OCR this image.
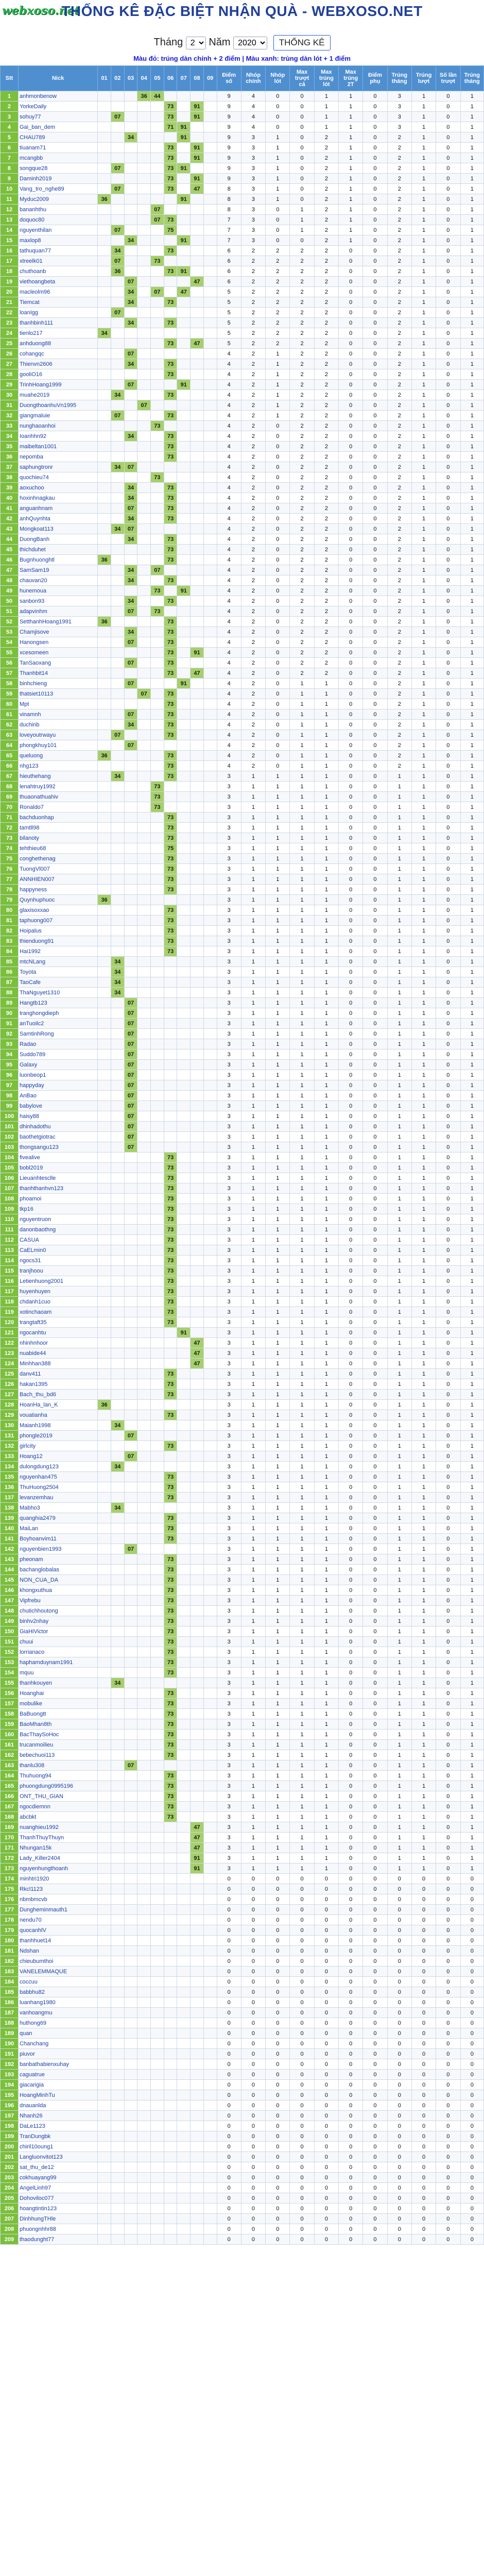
webxoso.net
THỐNG KÊ ĐẶC BIỆT NHẬN QUÀ - WEBXOSO.NET
Tháng
2	Năm
2020	THỐNG KÊ
Màu đỏ: trúng dàn chính + 2 điểm | Màu xanh: trùng dàn lót + 1 điểm
Stt	Nick	01	02	03	04	05	06	07	08	09	Điểm số	Nhóp chính	Nhóp lót	Max trượt cả	Max trúng lót	Max trúng 2T	Điểm phụ	Trúng tháng	Trúng lượt	Số lần trượt	Trúng tháng
1	anhmonbenow				36	44					9	4	0	0	1	1	0	3	1	0	1
2	YorkeDaily						73		91		9	4	0	0	1	1	0	3	1	0	1
3	sohuy77		07				73		91		9	4	0	0	1	1	0	3	1	0	1
4	Gai_ban_dem						71	91			9	4	0	0	1	1	0	3	1	0	1
5	CHAU789			34				91			9	3	1	0	2	1	0	2	1	0	1
6	tiuanam71						73		91		9	3	1	0	2	1	0	2	1	0	1
7	mcangbb						73		91		9	3	1	0	2	1	0	2	1	0	1
8	songque28		07				73	91			9	3	1	0	2	1	0	2	1	0	1
9	Daminh2019						73		91		9	3	1	0	2	1	0	2	1	0	1
10	Vang_tro_nghe89		07				73		47		8	3	1	0	2	1	0	2	1	0	1
11	Myduc2009	36						91			8	3	1	0	2	1	0	2	1	0	1
12	bananhthu					07					8	3	0	1	2	1	0	2	1	0	1
13	doquoc80					07	73				7	3	0	1	2	1	0	2	1	0	1
14	nguyenthilan		07				75				7	3	0	1	2	1	0	2	1	0	1
15	maxlop8			34				91			7	3	0	0	2	1	0	2	1	0	1
16	tathuquan77		34				73				6	2	2	2	2	0	0	2	1	0	1
17	xtreelk01		07			73					6	2	2	2	2	0	0	2	1	0	1
18	chuthoanb		36				73	91			6	2	2	2	2	0	0	2	1	0	1
19	viethoangbeta			07					47		6	2	2	2	2	0	0	2	1	0	1
20	macleolm96			34		07		47			5	2	2	2	2	0	0	2	1	0	1
21	Tiemcat			34			73				5	2	2	2	2	0	0	2	1	0	1
22	loanIgg		07								5	2	2	2	2	0	0	2	1	0	1
23	thanhbinh111			34			73				5	2	2	2	2	0	0	2	1	0	1
24	tienlo217	34									5	2	2	2	2	0	0	2	1	0	1
25	anhduong88						73		47		5	2	2	2	2	0	0	2	1	0	1
26	cohangqc			07							4	2	1	2	2	0	0	2	1	0	1
27	Thienvn2606			34			73				4	2	1	2	2	0	0	2	1	0	1
28	gooliO16						73				4	2	1	2	2	0	0	2	1	0	1
29	TrinhHoang1999			07				91			4	2	1	2	2	0	0	2	1	0	1
30	muahe2019		34				73				4	2	1	2	2	0	0	2	1	0	1
31	DuongthoanhuVn1995				07						4	2	1	2	2	0	0	2	1	0	1
32	giangmaluie		07				73				4	2	1	2	2	0	0	2	1	0	1
33	nunghaoanhoi					73					4	2	0	2	2	0	0	2	1	0	1
34	Ioanhhn92			34			73				4	2	0	2	2	0	0	2	1	0	1
35	maibeltan1001						73				4	2	0	2	2	0	0	2	1	0	1
36	nepomba						73				4	2	0	2	2	0	0	2	1	0	1
37	saphungtronr		34	07							4	2	0	2	2	0	0	2	1	0	1
38	quochieu74					73					4	2	0	2	2	0	0	2	1	0	1
39	aoxuchoo			34			73				4	2	0	2	2	0	0	2	1	0	1
40	hoxinhnagkau			34			73				4	2	0	2	2	0	0	2	1	0	1
41	anguanhnam			07			73				4	2	0	2	2	0	0	2	1	0	1
42	anhQuynhta			34			73				4	2	0	2	2	0	0	2	1	0	1
43	Mongkoat113		34	07							4	2	0	2	2	0	0	2	1	0	1
44	DuongBanh			34			73				4	2	0	2	2	0	0	2	1	0	1
45	thichduhet						73				4	2	0	2	2	0	0	2	1	0	1
46	Bugnhuonghtl	36					73				4	2	0	2	2	0	0	2	1	0	1
47	SamSam19			34		07					4	2	0	2	2	0	0	2	1	0	1
48	chauvan20			34			73				4	2	0	2	2	0	0	2	1	0	1
49	hunemoua					73		91			4	2	0	2	2	0	0	2	1	0	1
50	sanbon93			34			73				4	2	0	2	2	0	0	2	1	0	1
51	adapvinhm			07		73					4	2	0	2	2	0	0	2	1	0	1
52	SetthanhHoang1991	36					73				4	2	0	2	2	0	0	2	1	0	1
53	Chamjisove			34			73				4	2	0	2	2	0	0	2	1	0	1
54	Hanongsen			07			73				4	2	0	2	2	0	0	2	1	0	1
55	xcesomeen						73		91		4	2	0	2	2	0	0	2	1	0	1
56	TanSaoxang			07			73				4	2	0	2	2	0	0	2	1	0	1
57	Thanhbit14						73		47		4	2	0	2	2	0	0	2	1	0	1
58	binhchieng			07				91			4	2	0	1	1	0	0	2	1	0	1
59	thatsiet10113				07		73				4	2	0	1	1	0	0	2	1	0	1
60	Mpt						73				4	2	0	1	1	0	0	2	1	0	1
61	vinamnh			07			73				4	2	0	1	1	0	0	2	1	0	1
62	duchinb			34			73				4	2	0	1	1	0	0	2	1	0	1
63	loveyoutrwayu		07				73				4	2	0	1	1	0	0	2	1	0	1
64	phongkhuy101			07							4	2	0	1	1	0	0	2	1	0	1
65	queluong	36					73				4	2	0	1	1	0	0	2	1	0	1
66	nhg123						73				4	2	0	1	1	0	0	2	1	0	1
67	hieuthehang		34				73				3	1	1	1	1	0	0	1	1	0	1
68	lenahtruy1992					73					3	1	1	1	1	0	0	1	1	0	1
69	thuaonathuahiv					73					3	1	1	1	1	0	0	1	1	0	1
70	Ronaldo7					73					3	1	1	1	1	0	0	1	1	0	1
71	bachduonhap						73				3	1	1	1	1	0	0	1	1	0	1
72	tamtll98						73				3	1	1	1	1	0	0	1	1	0	1
73	bilanoty						73				3	1	1	1	1	0	0	1	1	0	1
74	tehthieu68						75				3	1	1	1	1	0	0	1	1	0	1
75	conghethenag						73				3	1	1	1	1	0	0	1	1	0	1
76	TuongVl007						73				3	1	1	1	1	0	0	1	1	0	1
77	ANNHIEN007						73				3	1	1	1	1	0	0	1	1	0	1
78	happyness						73				3	1	1	1	1	0	0	1	1	0	1
79	Quynhuphuoc	36									3	1	1	1	1	0	0	1	1	0	1
80	glaxisoxxao						73				3	1	1	1	1	0	0	1	1	0	1
81	taphuong007						73				3	1	1	1	1	0	0	1	1	0	1
82	Hoipalus						73				3	1	1	1	1	0	0	1	1	0	1
83	thienduong91						73				3	1	1	1	1	0	0	1	1	0	1
84	Hai1992						73				3	1	1	1	1	0	0	1	1	0	1
85	mtcNLang		34								3	1	1	1	1	0	0	1	1	0	1
86	Toyota		34								3	1	1	1	1	0	0	1	1	0	1
87	TaoCafe		34								3	1	1	1	1	0	0	1	1	0	1
88	ThaNguyet1310		34								3	1	1	1	1	0	0	1	1	0	1
89	Hangtb123			07							3	1	1	1	1	0	0	1	1	0	1
90	tranghongdieph			07							3	1	1	1	1	0	0	1	1	0	1
91	anTuoilc2			07							3	1	1	1	1	0	0	1	1	0	1
92	SamtinhRong			07							3	1	1	1	1	0	0	1	1	0	1
93	Radao			07							3	1	1	1	1	0	0	1	1	0	1
94	Suddo789			07							3	1	1	1	1	0	0	1	1	0	1
95	Galaxy			07							3	1	1	1	1	0	0	1	1	0	1
96	luonbeop1			07							3	1	1	1	1	0	0	1	1	0	1
97	happyday			07							3	1	1	1	1	0	0	1	1	0	1
98	AnBao			07							3	1	1	1	1	0	0	1	1	0	1
99	babylove			07							3	1	1	1	1	0	0	1	1	0	1
100	haisy88			07							3	1	1	1	1	0	0	1	1	0	1
101	dhinhadothu			07							3	1	1	1	1	0	0	1	1	0	1
102	baothetgiotrac			07							3	1	1	1	1	0	0	1	1	0	1
103	thongsangu123			07							3	1	1	1	1	0	0	1	1	0	1
104	fivealive						73				3	1	1	1	1	0	0	1	1	0	1
105	bobl2019						73				3	1	1	1	1	0	0	1	1	0	1
106	Lieuanhtesclle						73				3	1	1	1	1	0	0	1	1	0	1
107	thanhthanhvn123						73				3	1	1	1	1	0	0	1	1	0	1
108	phoamoi						73				3	1	1	1	1	0	0	1	1	0	1
109	tkp16						73				3	1	1	1	1	0	0	1	1	0	1
110	nguyentruon						73				3	1	1	1	1	0	0	1	1	0	1
111	danonbaothng						73				3	1	1	1	1	0	0	1	1	0	1
112	CASUA						73				3	1	1	1	1	0	0	1	1	0	1
113	CaELmin0						73				3	1	1	1	1	0	0	1	1	0	1
114	ngocs31						73				3	1	1	1	1	0	0	1	1	0	1
115	tranjhoou						73				3	1	1	1	1	0	0	1	1	0	1
116	Letienhuong2001						73				3	1	1	1	1	0	0	1	1	0	1
117	huyenhuyen						73				3	1	1	1	1	0	0	1	1	0	1
118	chdanh1cuo						73				3	1	1	1	1	0	0	1	1	0	1
119	xotinchaoam						73				3	1	1	1	1	0	0	1	1	0	1
120	trangtaft35						73				3	1	1	1	1	0	0	1	1	0	1
121	ngocanhtu							91			3	1	1	1	1	0	0	1	1	0	1
122	nhinhnhoor								47		3	1	1	1	1	0	0	1	1	0	1
123	nuabide44								47		3	1	1	1	1	0	0	1	1	0	1
124	Minhhan388								47		3	1	1	1	1	0	0	1	1	0	1
125	danv411						73				3	1	1	1	1	0	0	1	1	0	1
126	hakan1395						73				3	1	1	1	1	0	0	1	1	0	1
127	Bach_thu_bd6						73				3	1	1	1	1	0	0	1	1	0	1
128	HoanHa_lan_K	36									3	1	1	1	1	0	0	1	1	0	1
129	vouatianha						73				3	1	1	1	1	0	0	1	1	0	1
130	Maianh1998		34								3	1	1	1	1	0	0	1	1	0	1
131	phongle2019			07							3	1	1	1	1	0	0	1	1	0	1
132	girlcity						73				3	1	1	1	1	0	0	1	1	0	1
133	Hoang12			07							3	1	1	1	1	0	0	1	1	0	1
134	dulongdung123		34								3	1	1	1	1	0	0	1	1	0	1
135	nguyenhan475						73				3	1	1	1	1	0	0	1	1	0	1
136	ThuHuong2504						73				3	1	1	1	1	0	0	1	1	0	1
137	levanzemhau						73				3	1	1	1	1	0	0	1	1	0	1
138	Mabho3		34								3	1	1	1	1	0	0	1	1	0	1
139	quanghia2479						73				3	1	1	1	1	0	0	1	1	0	1
140	MaiLan						73				3	1	1	1	1	0	0	1	1	0	1
141	Boyhoanvim11						73				3	1	1	1	1	0	0	1	1	0	1
142	nguyenbien1993			07							3	1	1	1	1	0	0	1	1	0	1
143	pheonam						73				3	1	1	1	1	0	0	1	1	0	1
144	bachanglobalas						73				3	1	1	1	1	0	0	1	1	0	1
145	NON_CUA_DA						73				3	1	1	1	1	0	0	1	1	0	1
146	khongxuthua						73				3	1	1	1	1	0	0	1	1	0	1
147	Vipfrebu						73				3	1	1	1	1	0	0	1	1	0	1
148	chutichhoutong						73				3	1	1	1	1	0	0	1	1	0	1
149	binhv2nhay						73				3	1	1	1	1	0	0	1	1	0	1
150	GiaHiVictor						73				3	1	1	1	1	0	0	1	1	0	1
151	chuui						73				3	1	1	1	1	0	0	1	1	0	1
152	lorrianaco						73				3	1	1	1	1	0	0	1	1	0	1
153	haphamduynam1991						73				3	1	1	1	1	0	0	1	1	0	1
154	mquu						73				3	1	1	1	1	0	0	1	1	0	1
155	thanhkouyen		34								3	1	1	1	1	0	0	1	1	0	1
156	Hoanghai						73				3	1	1	1	1	0	0	1	1	0	1
157	mobulike						73				3	1	1	1	1	0	0	1	1	0	1
158	BaBuongtt						73				3	1	1	1	1	0	0	1	1	0	1
159	BaoMhan8th						73				3	1	1	1	1	0	0	1	1	0	1
160	BacThaySoHoc						73				3	1	1	1	1	0	0	1	1	0	1
161	trucanmoilieu						73				3	1	1	1	1	0	0	1	1	0	1
162	bebechuoi113						73				3	1	1	1	1	0	0	1	1	0	1
163	thanlu308			07							3	1	1	1	1	0	0	1	1	0	1
164	Thuhuong94						73				3	1	1	1	1	0	0	1	1	0	1
165	phuongdung0995196						73				3	1	1	1	1	0	0	1	1	0	1
166	ONT_THU_GIAN						73				3	1	1	1	1	0	0	1	1	0	1
167	ngocdiemnn						73				3	1	1	1	1	0	0	1	1	0	1
168	abcbkt						73				3	1	1	1	1	0	0	1	1	0	1
169	nuanghieu1992								47		3	1	1	1	1	0	0	1	1	0	1
170	ThanhThuyThuyn								47		3	1	1	1	1	0	0	1	1	0	1
171	Nhungan15k								47		3	1	1	1	1	0	0	1	1	0	1
172	Lady_Killer2404								91		3	1	1	1	1	0	0	1	1	0	1
173	nguyenhungthoanh								91		3	1	1	1	1	0	0	1	1	0	1
174	minhtri1920										0	0	0	0	0	0	0	0	0	0	0
175	Rkcl1123										0	0	0	0	0	0	0	0	0	0	0
176	nbmbmcvb										0	0	0	0	0	0	0	0	0	0	0
177	Dungheminmauth1										0	0	0	0	0	0	0	0	0	0	0
178	nendu70										0	0	0	0	0	0	0	0	0	0	0
179	quocanhlV										0	0	0	0	0	0	0	0	0	0	0
180	thanhhuet14										0	0	0	0	0	0	0	0	0	0	0
181	Ndshan										0	0	0	0	0	0	0	0	0	0	0
182	chieubumthoi										0	0	0	0	0	0	0	0	0	0	0
183	VANELEMMAQUE										0	0	0	0	0	0	0	0	0	0	0
184	coccuu										0	0	0	0	0	0	0	0	0	0	0
185	babbhu82										0	0	0	0	0	0	0	0	0	0	0
186	luanhang1980										0	0	0	0	0	0	0	0	0	0	0
187	vanhoangmu										0	0	0	0	0	0	0	0	0	0	0
188	huthong69										0	0	0	0	0	0	0	0	0	0	0
189	quan										0	0	0	0	0	0	0	0	0	0	0
190	Chanchang										0	0	0	0	0	0	0	0	0	0	0
191	piuvor										0	0	0	0	0	0	0	0	0	0	0
192	banbathabienxuhay										0	0	0	0	0	0	0	0	0	0	0
193	caguatrue										0	0	0	0	0	0	0	0	0	0	0
194	giacarigia										0	0	0	0	0	0	0	0	0	0	0
195	HoangMinhTu										0	0	0	0	0	0	0	0	0	0	0
196	dnauanlda										0	0	0	0	0	0	0	0	0	0	0
197	Nhanh26										0	0	0	0	0	0	0	0	0	0	0
198	DaLe1123										0	0	0	0	0	0	0	0	0	0	0
199	TranDungbk										0	0	0	0	0	0	0	0	0	0	0
200	chiril10oung1										0	0	0	0	0	0	0	0	0	0	0
201	Langluonvitot123										0	0	0	0	0	0	0	0	0	0	0
202	sat_thu_de12										0	0	0	0	0	0	0	0	0	0	0
203	cokhuayang99										0	0	0	0	0	0	0	0	0	0	0
204	AngelLinh97										0	0	0	0	0	0	0	0	0	0	0
205	Dohoviloc077										0	0	0	0	0	0	0	0	0	0	0
206	hoangtintin123										0	0	0	0	0	0	0	0	0	0	0
207	DinhhungTHle										0	0	0	0	0	0	0	0	0	0	0
208	phuongnhhr88										0	0	0	0	0	0	0	0	0	0	0
209	thaodunght77										0	0	0	0	0	0	0	0	0	0	0
